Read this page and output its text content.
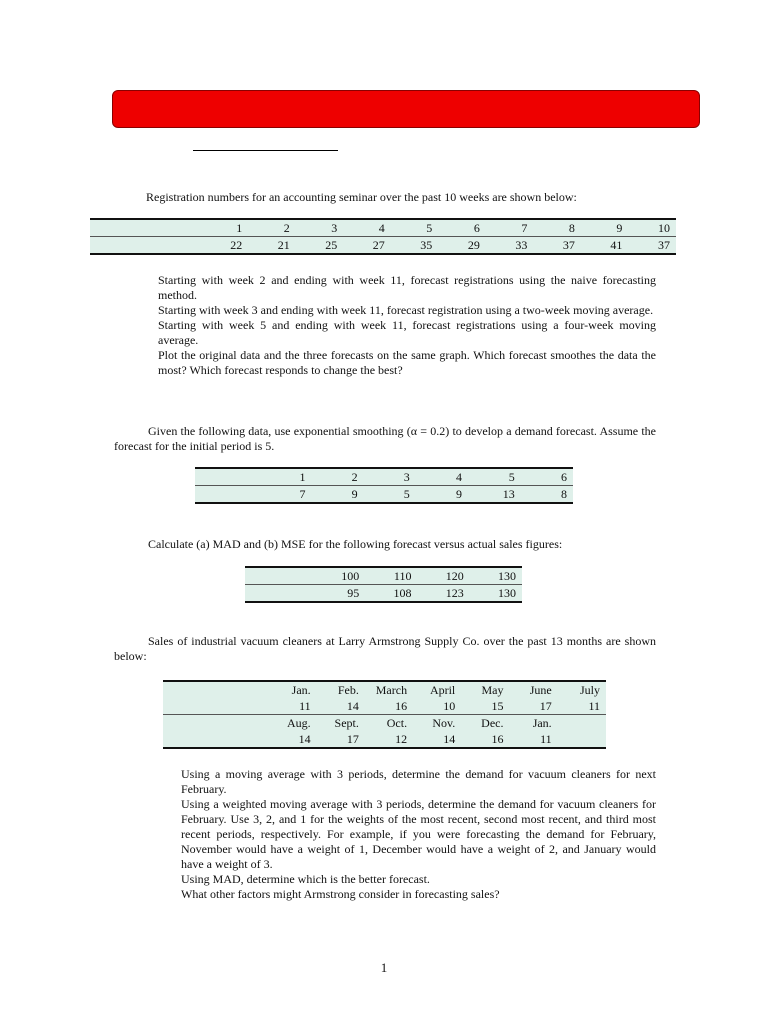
Registration numbers for an accounting seminar over the past 10 weeks are shown below:
	1	2	3	4	5	6	7	8	9	10
	22	21	25	27	35	29	33	37	41	37

Starting with week 2 and ending with week 11, forecast registrations using the naive forecasting method.

Starting with week 3 and ending with week 11, forecast registration using a two-week moving average.

Starting with week 5 and ending with week 11, forecast registrations using a four-week moving average.

Plot the original data and the three forecasts on the same graph. Which forecast smoothes the data the most? Which forecast responds to change the best?

Given the following data, use exponential smoothing (α = 0.2) to develop a demand forecast. Assume the forecast for the initial period is 5.
	1	2	3	4	5	6
	7	9	5	9	13	8
Calculate (a) MAD and (b) MSE for the following forecast versus actual sales figures:
	100	110	120	130
	95	108	123	130
Sales of industrial vacuum cleaners at Larry Armstrong Supply Co. over the past 13 months are shown below:
	Jan.	Feb.	March	April	May	June	July
	11	14	16	10	15	17	11
	Aug.	Sept.	Oct.	Nov.	Dec.	Jan.	
	14	17	12	14	16	11	

Using a moving average with 3 periods, determine the demand for vacuum cleaners for next February.

Using a weighted moving average with 3 periods, determine the demand for vacuum cleaners for February. Use 3, 2, and 1 for the weights of the most recent, second most recent, and third most recent periods, respectively. For example, if you were forecasting the demand for February, November would have a weight of 1, December would have a weight of 2, and January would have a weight of 3.

Using MAD, determine which is the better forecast.

What other factors might Armstrong consider in forecasting sales?

1
